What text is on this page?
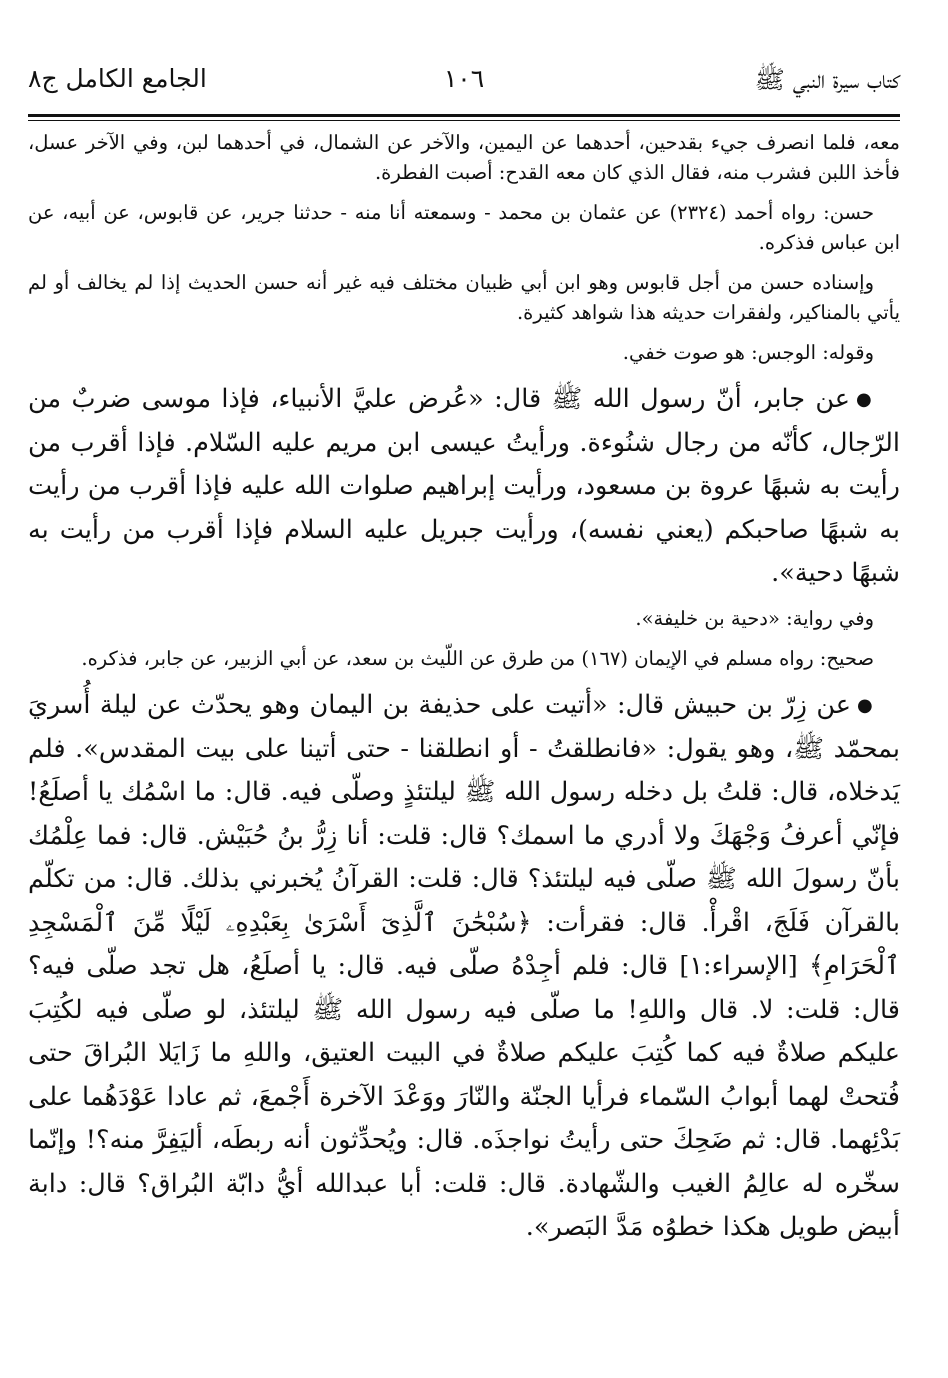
كتاب سيرة النبي ﷺ
١٠٦
الجامع الكامل ج٨

معه، فلما انصرف جيء بقدحين، أحدهما عن اليمين، والآخر عن الشمال، في أحدهما لبن، وفي الآخر عسل، فأخذ اللبن فشرب منه، فقال الذي كان معه القدح: أصبت الفطرة.

حسن: رواه أحمد (٢٣٢٤) عن عثمان بن محمد - وسمعته أنا منه - حدثنا جرير، عن قابوس، عن أبيه، عن ابن عباس فذكره.

وإسناده حسن من أجل قابوس وهو ابن أبي ظبيان مختلف فيه غير أنه حسن الحديث إذا لم يخالف أو لم يأتي بالمناكير، ولفقرات حديثه هذا شواهد كثيرة.

وقوله: الوجس: هو صوت خفي.

●عن جابر، أنّ رسول الله ﷺ قال: «عُرض عليَّ الأنبياء، فإذا موسى ضربٌ من الرّجال، كأنّه من رجال شنُوءة. ورأيتُ عيسى ابن مريم عليه السّلام. فإذا أقرب من رأيت به شبهًا عروة بن مسعود، ورأيت إبراهيم صلوات الله عليه فإذا أقرب من رأيت به شبهًا صاحبكم (يعني نفسه)، ورأيت جبريل عليه السلام فإذا أقرب من رأيت به شبهًا دحية».

وفي رواية: «دحية بن خليفة».

صحيح: رواه مسلم في الإيمان (١٦٧) من طرق عن اللّيث بن سعد، عن أبي الزبير، عن جابر، فذكره.

●عن زِرّ بن حبيش قال: «أتيت على حذيفة بن اليمان وهو يحدّث عن ليلة أُسريَ بمحمّد ﷺ، وهو يقول: «فانطلقتُ - أو انطلقنا - حتى أتينا على بيت المقدس». فلم يَدخلاه، قال: قلتُ بل دخله رسول الله ﷺ ليلتئذٍ وصلّى فيه. قال: ما اسْمُك يا أصلَعُ! فإنّي أعرفُ وَجْهَكَ ولا أدري ما اسمك؟ قال: قلت: أنا زِرُّ بنُ حُبَيْش. قال: فما عِلْمُك بأنّ رسولَ الله ﷺ صلّى فيه ليلتئذ؟ قال: قلت: القرآنُ يُخبرني بذلك. قال: من تكلّم بالقرآن فَلَجَ، اقْرأْ. قال: فقرأت: ﴿سُبْحَٰنَ ٱلَّذِىٓ أَسْرَىٰ بِعَبْدِهِۦ لَيْلًا مِّنَ ٱلْمَسْجِدِ ٱلْحَرَامِ﴾ [الإسراء:١] قال: فلم أجِدْهُ صلّى فيه. قال: يا أصلَعُ، هل تجد صلّى فيه؟ قال: قلت: لا. قال واللهِ! ما صلّى فيه رسول الله ﷺ ليلتئذ، لو صلّى فيه لكُتِبَ عليكم صلاةٌ فيه كما كُتِبَ عليكم صلاةٌ في البيت العتيق، واللهِ ما زَايَلا البُراقَ حتى فُتحتْ لهما أبوابُ السّماء فرأيا الجنّة والنّارَ ووَعْدَ الآخرة أَجْمعَ، ثم عادا عَوْدَهُما على بَدْئِهما. قال: ثم ضَحِكَ حتى رأيتُ نواجذَه. قال: ويُحدِّثون أنه ربطَه، أليَفِرَّ منه؟! وإنّما سخّره له عالِمُ الغيب والشّهادة. قال: قلت: أبا عبدالله أيُّ دابّة البُراق؟ قال: دابة أبيض طويل هكذا خطوُه مَدَّ البَصر».
